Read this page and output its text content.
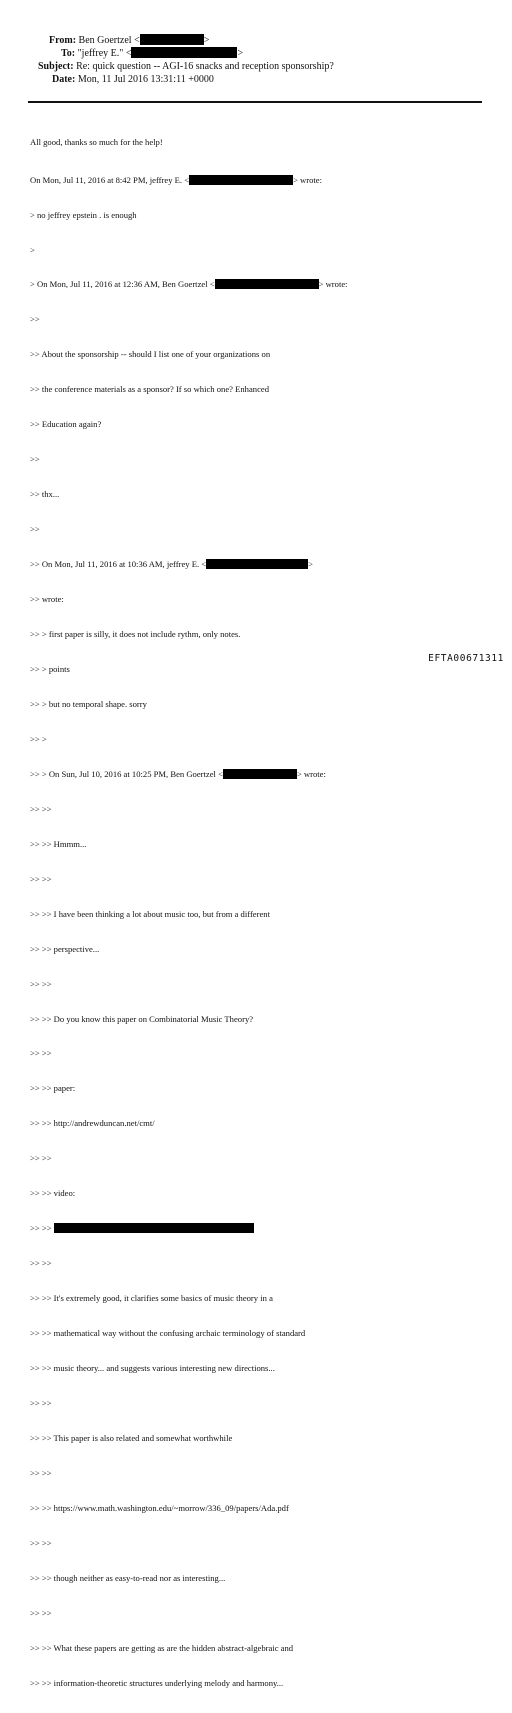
From: Ben Goertzel <	>
To: "jeffrey E." <	>
Subject: Re: quick question -- AGI-16 snacks and reception sponsorship?
Date: Mon, 11 Jul 2016 13:31:11 +0000

All good, thanks so much for the help!

On Mon, Jul 11, 2016 at 8:42 PM, jeffrey E. <	> wrote:

> no jeffrey epstein . is enough

>

> On Mon, Jul 11, 2016 at 12:36 AM, Ben Goertzel <	> wrote:

>>

>> About the sponsorship -- should I list one of your organizations on

>> the conference materials as a sponsor? If so which one? Enhanced

>> Education again?

>>

>> thx...

>>

>> On Mon, Jul 11, 2016 at 10:36 AM, jeffrey E. <	>

>> wrote:

>> > first paper is silly, it does not include rythm, only notes.

>> > points

>> > but no temporal shape. sorry

>> >

>> > On Sun, Jul 10, 2016 at 10:25 PM, Ben Goertzel <	> wrote:

>> >>

>> >> Hmmm...

>> >>

>> >> I have been thinking a lot about music too, but from a different

>> >> perspective...

>> >>

>> >> Do you know this paper on Combinatorial Music Theory?

>> >>

>> >> paper:

>> >> http://andrewduncan.net/cmt/

>> >>

>> >> video:

>> >>

>> >>

>> >> It's extremely good, it clarifies some basics of music theory in a

>> >> mathematical way without the confusing archaic terminology of standard

>> >> music theory... and suggests various interesting new directions...

>> >>

>> >> This paper is also related and somewhat worthwhile

>> >>

>> >> https://www.math.washington.edu/~morrow/336_09/papers/Ada.pdf

>> >>

>> >> though neither as easy-to-read nor as interesting...

>> >>

>> >> What these papers are getting as are the hidden abstract-algebraic and

>> >> information-theoretic structures underlying melody and harmony...

EFTA00671311
